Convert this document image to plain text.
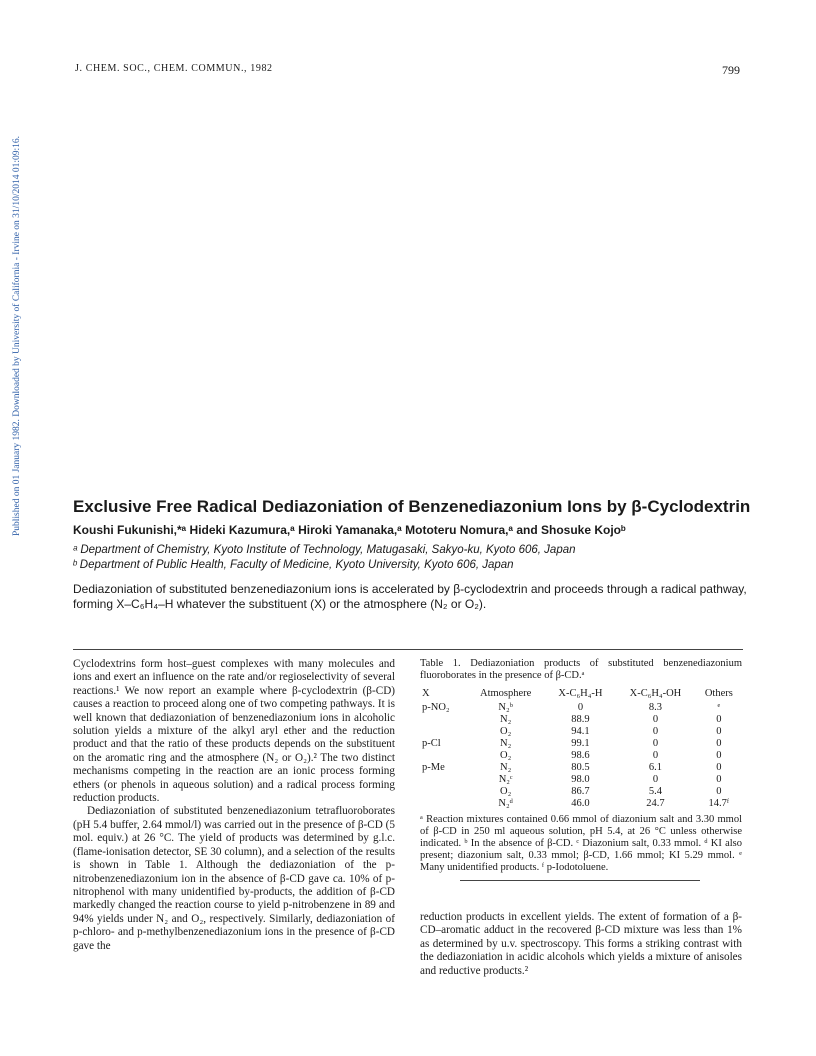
Published on 01 January 1982. Downloaded by University of California - Irvine on 31/10/2014 01:09:16.
J. CHEM. SOC., CHEM. COMMUN., 1982	799
Exclusive Free Radical Dediazoniation of Benzenediazonium Ions by β-Cyclodextrin

Koushi Fukunishi,*ᵃ Hideki Kazumura,ᵃ Hiroki Yamanaka,ᵃ Mototeru Nomura,ᵃ and Shosuke Kojoᵇ

ᵃ Department of Chemistry, Kyoto Institute of Technology, Matugasaki, Sakyo-ku, Kyoto 606, Japan

ᵇ Department of Public Health, Faculty of Medicine, Kyoto University, Kyoto 606, Japan

Dediazoniation of substituted benzenediazonium ions is accelerated by β-cyclodextrin and proceeds through a radical pathway, forming X–C₆H₄–H whatever the substituent (X) or the atmosphere (N₂ or O₂).

Cyclodextrins form host–guest complexes with many molecules and ions and exert an influence on the rate and/or regioselectivity of several reactions.¹ We now report an example where β-cyclodextrin (β-CD) causes a reaction to proceed along one of two competing pathways. It is well known that dediazoniation of benzenediazonium ions in alcoholic solution yields a mixture of the alkyl aryl ether and the reduction product and that the ratio of these products depends on the substituent on the aromatic ring and the atmosphere (N₂ or O₂).² The two distinct mechanisms competing in the reaction are an ionic process forming ethers (or phenols in aqueous solution) and a radical process forming reduction products.

Dediazoniation of substituted benzenediazonium tetrafluoroborates (pH 5.4 buffer, 2.64 mmol/l) was carried out in the presence of β-CD (5 mol. equiv.) at 26 °C. The yield of products was determined by g.l.c. (flame-ionisation detector, SE 30 column), and a selection of the results is shown in Table 1. Although the dediazoniation of the p-nitrobenzenediazonium ion in the absence of β-CD gave ca. 10% of p-nitrophenol with many unidentified by-products, the addition of β-CD markedly changed the reaction course to yield p-nitrobenzene in 89 and 94% yields under N₂ and O₂, respectively. Similarly, dediazoniation of p-chloro- and p-methylbenzenediazonium ions in the presence of β-CD gave the

Table 1. Dediazoniation products of substituted benzenediazonium fluoroborates in the presence of β-CD.ᵃ

X	Atmosphere	X-C₆H₄-H	X-C₆H₄-OH	Others
p-NO₂	N₂ᵇ	0	8.3	ᵉ
	N₂	88.9	0	0
	O₂	94.1	0	0
p-Cl	N₂	99.1	0	0
	O₂	98.6	0	0
p-Me	N₂	80.5	6.1	0
	N₂ᶜ	98.0	0	0
	O₂	86.7	5.4	0
	N₂ᵈ	46.0	24.7	14.7ᶠ

ᵃ Reaction mixtures contained 0.66 mmol of diazonium salt and 3.30 mmol of β-CD in 250 ml aqueous solution, pH 5.4, at 26 °C unless otherwise indicated. ᵇ In the absence of β-CD. ᶜ Diazonium salt, 0.33 mmol. ᵈ KI also present; diazonium salt, 0.33 mmol; β-CD, 1.66 mmol; KI 5.29 mmol. ᵉ Many unidentified products. ᶠ p-Iodotoluene.

reduction products in excellent yields. The extent of formation of a β-CD–aromatic adduct in the recovered β-CD mixture was less than 1% as determined by u.v. spectroscopy. This forms a striking contrast with the dediazoniation in acidic alcohols which yields a mixture of anisoles and reductive products.²
